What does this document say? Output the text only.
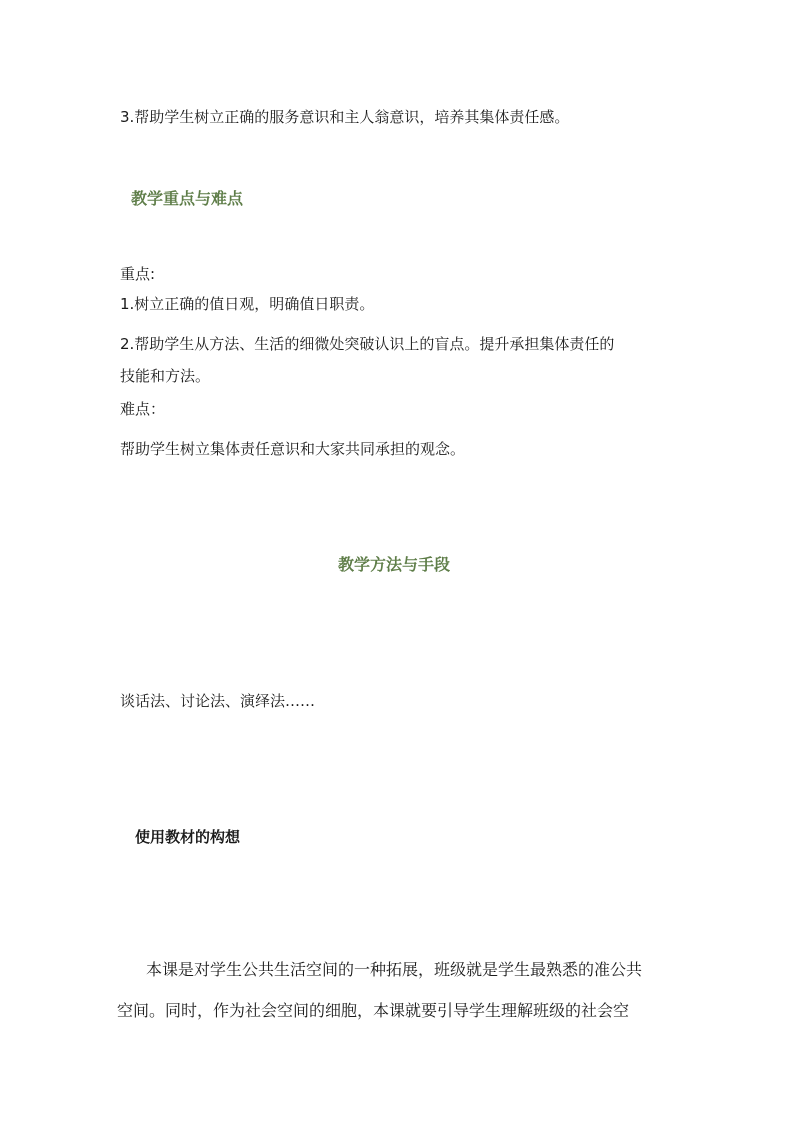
3.帮助学生树立正确的服务意识和主人翁意识，培养其集体责任感。
教学重点与难点
重点:
1.树立正确的值日观，明确值日职责。
2.帮助学生从方法、生活的细微处突破认识上的盲点。提升承担集体责任的
技能和方法。
难点：
帮助学生树立集体责任意识和大家共同承担的观念。
教学方法与手段
谈话法、讨论法、演绎法……
使用教材的构想
本课是对学生公共生活空间的一种拓展，班级就是学生最熟悉的准公共
空间。同时，作为社会空间的细胞，本课就要引导学生理解班级的社会空
